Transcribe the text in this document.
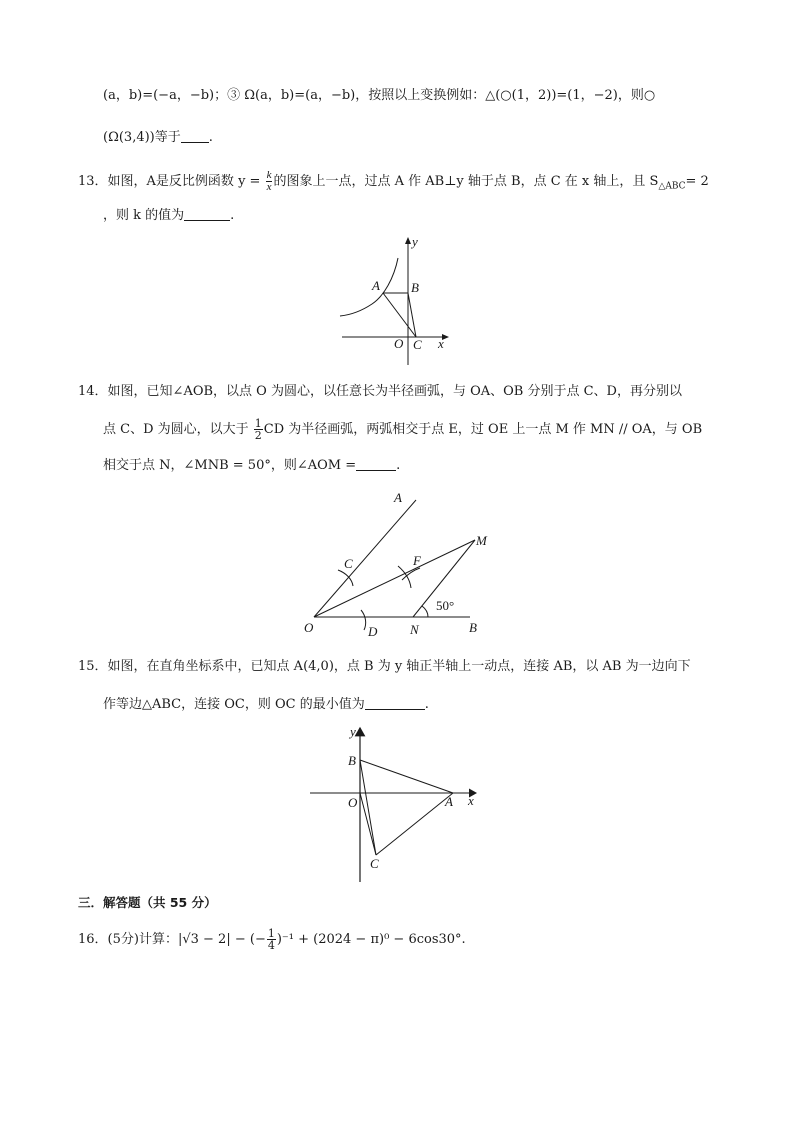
(a，b)=(−a，−b)；③ Ω(a，b)=(a，−b)，按照以上变换例如：△(○(1，2))=(1，−2)，则○
(Ω(3,4))等于 .
13．如图，A是反比例函数 $y = \frac{k}{x}$ 的图象上一点，过点 A 作 AB⊥y 轴于点 B，点 C 在 x 轴上，且 $S_{\triangle ABC}= 2$
，则 k 的值为	.
y
x
A B
O C
14．如图，已知∠AOB，以点 O 为圆心，以任意长为半径画弧，与 OA、OB 分别于点 C、D，再分别以
点 C、D 为圆心，以大于 $\frac{1}{2}$ CD 为半径画弧，两弧相交于点 E，过 OE 上一点 M 作 MN // OA，与 OB
相交于点 N，∠MNB = 50°，则∠AOM =	.
A
C	F
M
50°
O	D	N	B
15．如图，在直角坐标系中，已知点 A(4,0)，点 B 为 y 轴正半轴上一动点，连接 AB，以 AB 为一边向下
作等边△ABC，连接 OC，则 OC 的最小值为	.
y
x
B
O	A
C
三．解答题（共 55 分）
16．(5分)计算：|√3 − 2| − (− $\frac{1}{4} )^{-1} + (2024 - \pi)^0 - 6\cos 30^\circ$.
